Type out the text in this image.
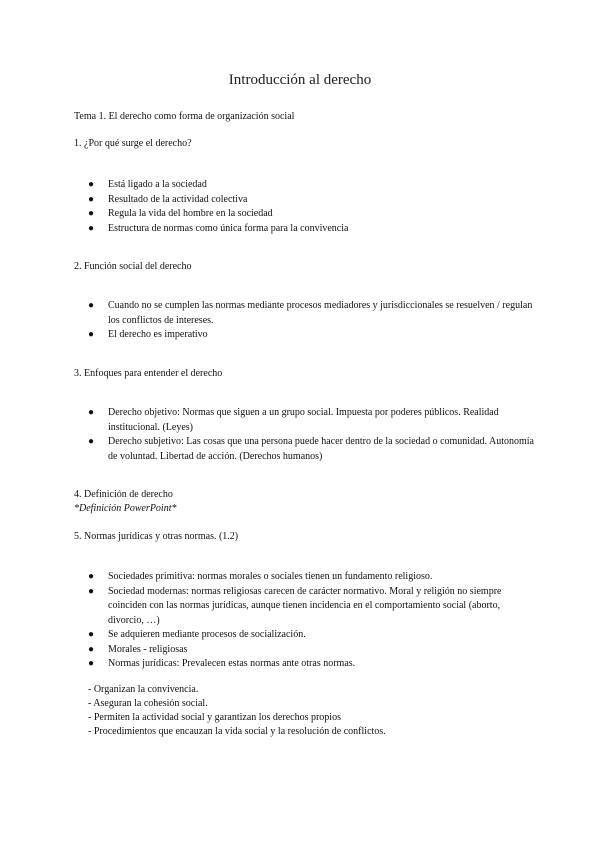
Introducción al derecho
Tema 1. El derecho como forma de organización social
1. ¿Por qué surge el derecho?
● Está ligado a la sociedad
● Resultado de la actividad colectiva
● Regula la vida del hombre en la sociedad
● Estructura de normas como única forma para la convivencia
2. Función social del derecho
● Cuando no se cumplen las normas mediante procesos mediadores y jurisdiccionales se resuelven / regulan los conflictos de intereses.
● El derecho es imperativo
3. Enfoques para entender el derecho
● Derecho objetivo: Normas que siguen a un grupo social. Impuesta por poderes públicos. Realidad institucional. (Leyes)
● Derecho subjetivo: Las cosas que una persona puede hacer dentro de la sociedad o comunidad. Autonomía de voluntad. Libertad de acción. (Derechos humanos)
4. Definición de derecho
*Definición PowerPoint*
5. Normas jurídicas y otras normas. (1.2)
● Sociedades primitiva: normas morales o sociales tienen un fundamento religioso.
● Sociedad modernas: normas religiosas carecen de carácter normativo. Moral y religión no siempre coinciden con las normas jurídicas, aunque tienen incidencia en el comportamiento social (aborto, divorcio, …)
● Se adquieren mediante procesos de socialización.
● Morales - religiosas
● Normas jurídicas: Prevalecen estas normas ante otras normas.
- Organizan la convivencia.
- Aseguran la cohesión social.
- Permiten la actividad social y garantizan los derechos propios
- Procedimientos que encauzan la vida social y la resolución de conflictos.
